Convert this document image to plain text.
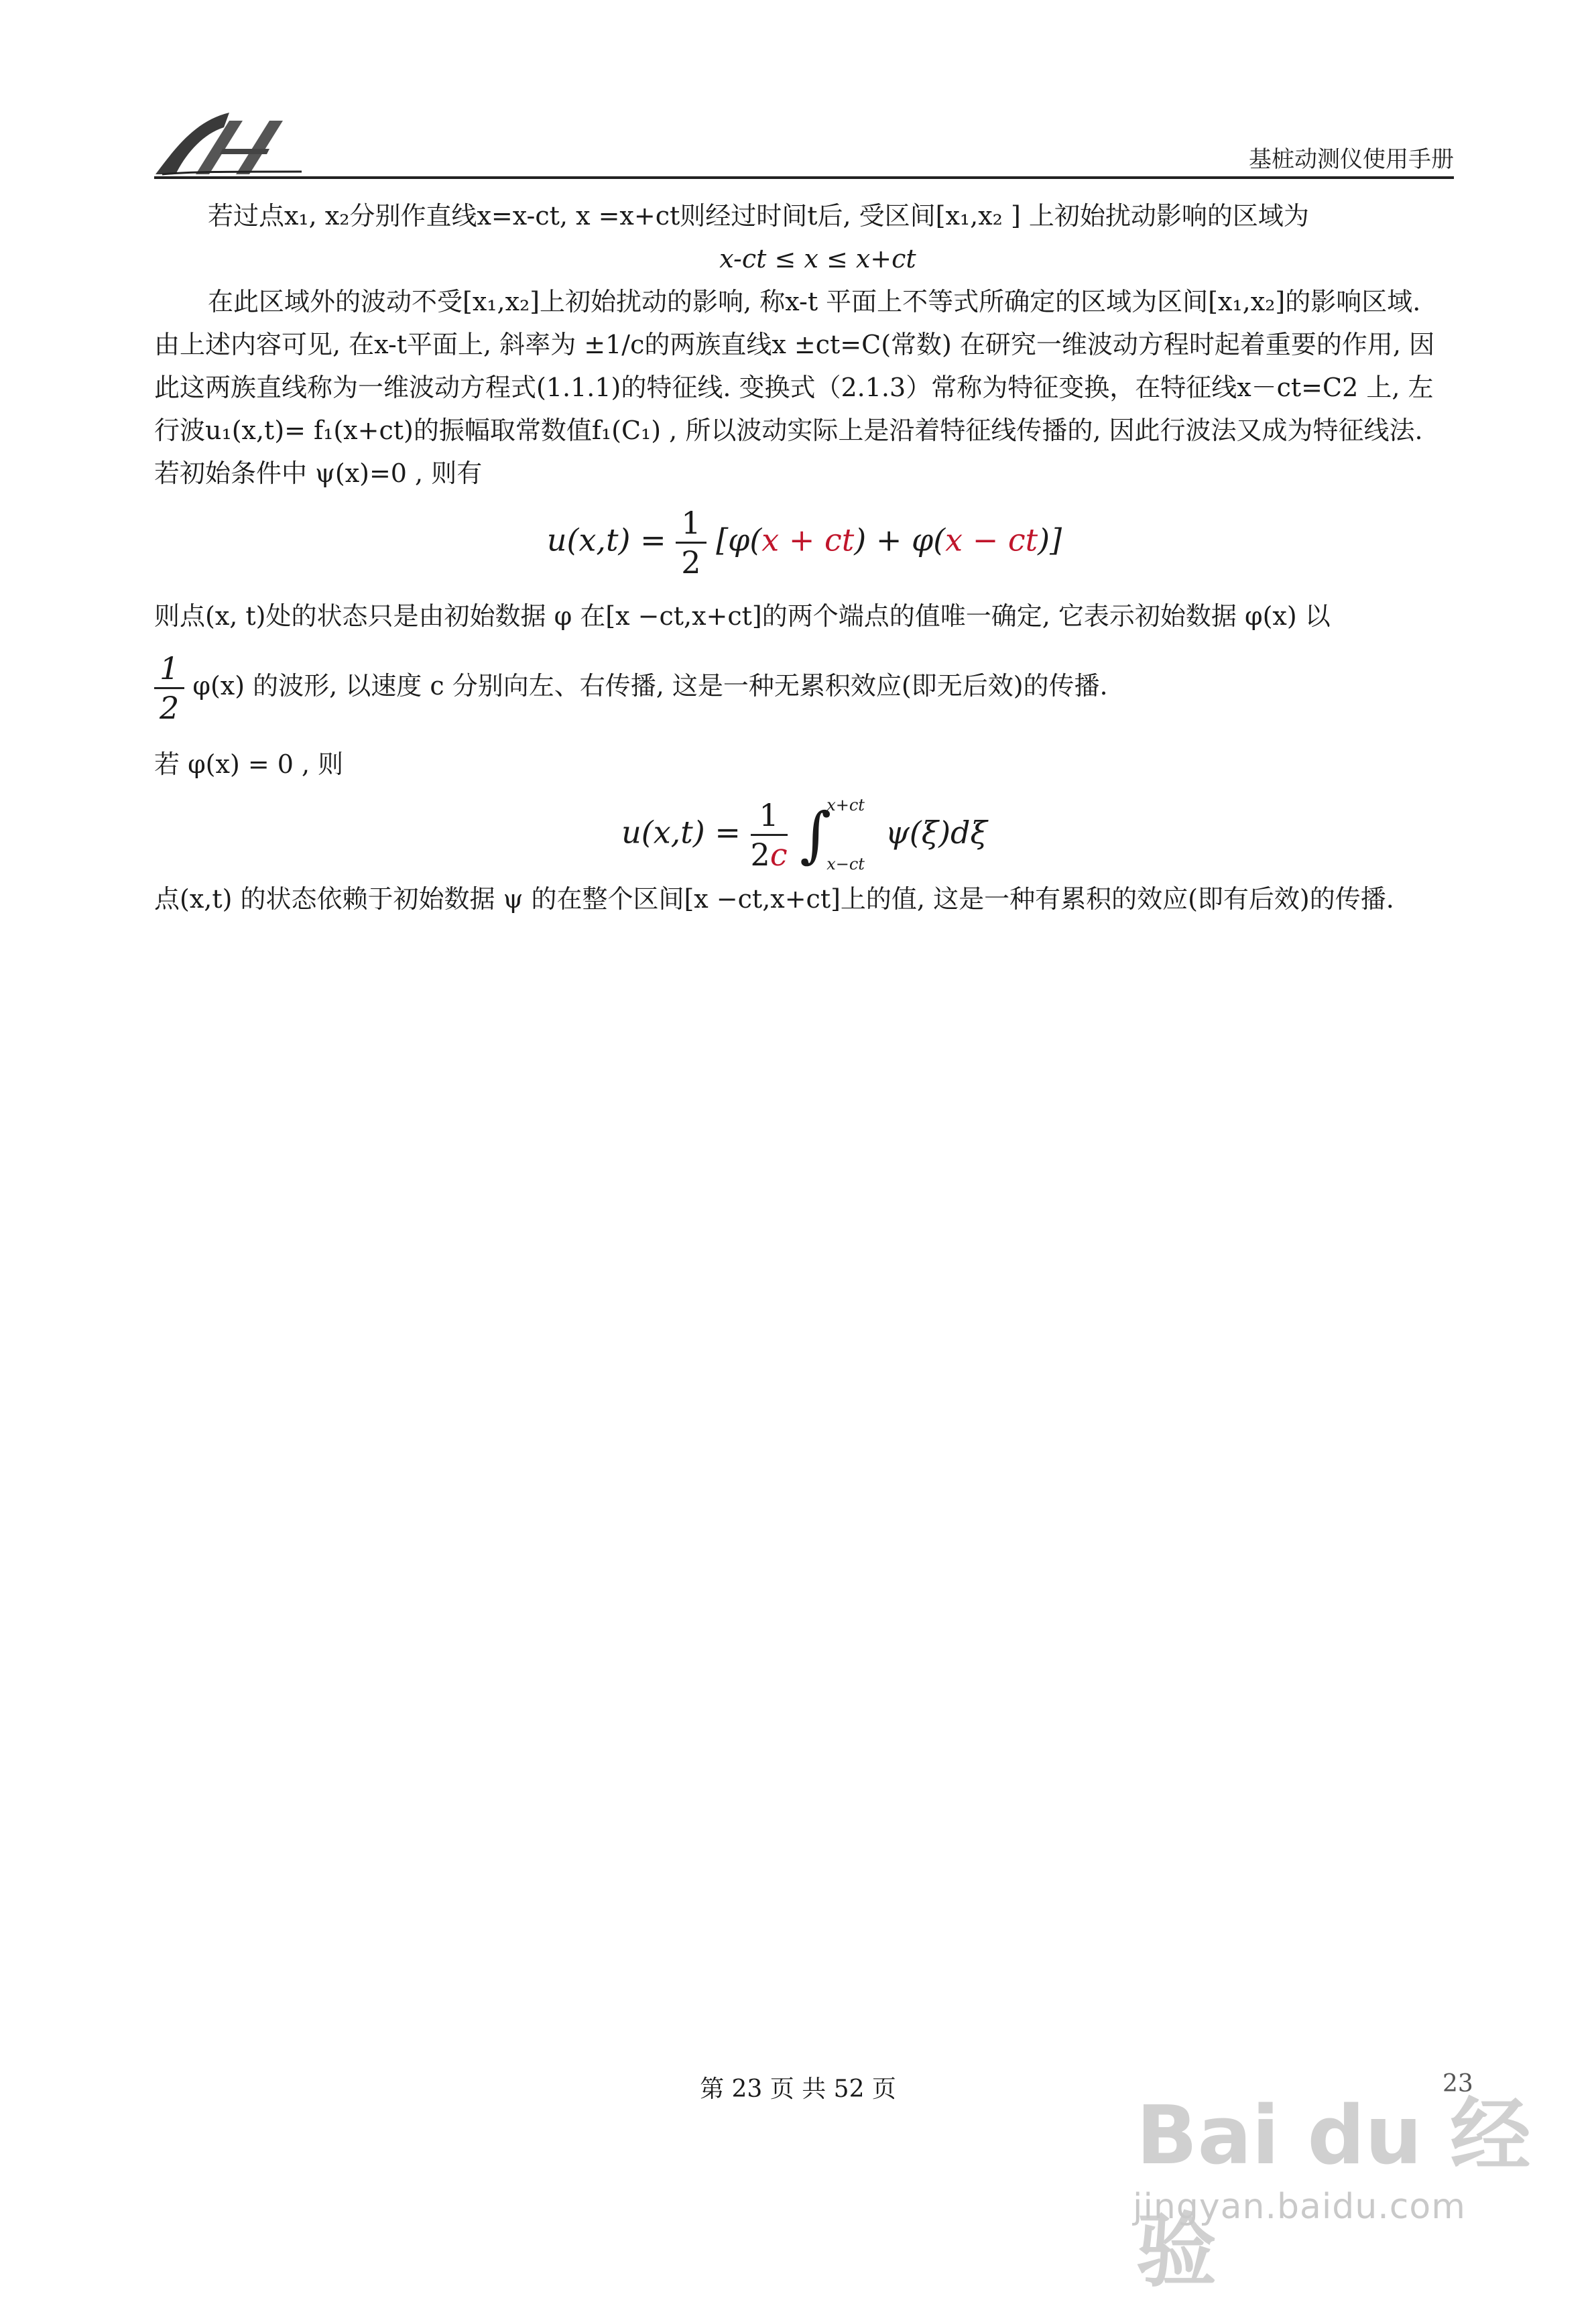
基桩动测仪使用手册

若过点x₁, x₂分别作直线x=x-ct, x =x+ct则经过时间t后, 受区间[x₁,x₂ ] 上初始扰动影响的区域为

x-ct ≤ x ≤ x+ct

在此区域外的波动不受[x₁,x₂]上初始扰动的影响, 称x-t 平面上不等式所确定的区域为区间[x₁,x₂]的影响区域.

由上述内容可见, 在x-t平面上, 斜率为 ±1/c的两族直线x ±ct=C(常数) 在研究一维波动方程时起着重要的作用, 因此这两族直线称为一维波动方程式(1.1.1)的特征线. 变换式（2.1.3）常称为特征变换，在特征线x－ct=C2 上, 左行波u₁(x,t)= f₁(x+ct)的振幅取常数值f₁(C₁) , 所以波动实际上是沿着特征线传播的, 因此行波法又成为特征线法.

若初始条件中 ψ(x)=0 , 则有

$u(x,t) = \frac{1}{2} [\varphi(x + ct) + \varphi(x - ct)]$

则点(x, t)处的状态只是由初始数据 φ 在[x −ct,x+ct]的两个端点的值唯一确定, 它表示初始数据 φ(x) 以

$\frac{1}{2} \varphi(x)$ 的波形, 以速度 c 分别向左、右传播, 这是一种无累积效应(即无后效)的传播.

若 φ(x) = 0 , 则

$u(x,t) = \frac{1}{2c}$ ∫
x+ct
x−ct
ψ(ξ)dξ

点(x,t) 的状态依赖于初始数据 ψ 的在整个区间[x −ct,x+ct]上的值, 这是一种有累积的效应(即有后效)的传播.

第 23 页 共 52 页	23
Bai du 经验
jingyan.baidu.com
